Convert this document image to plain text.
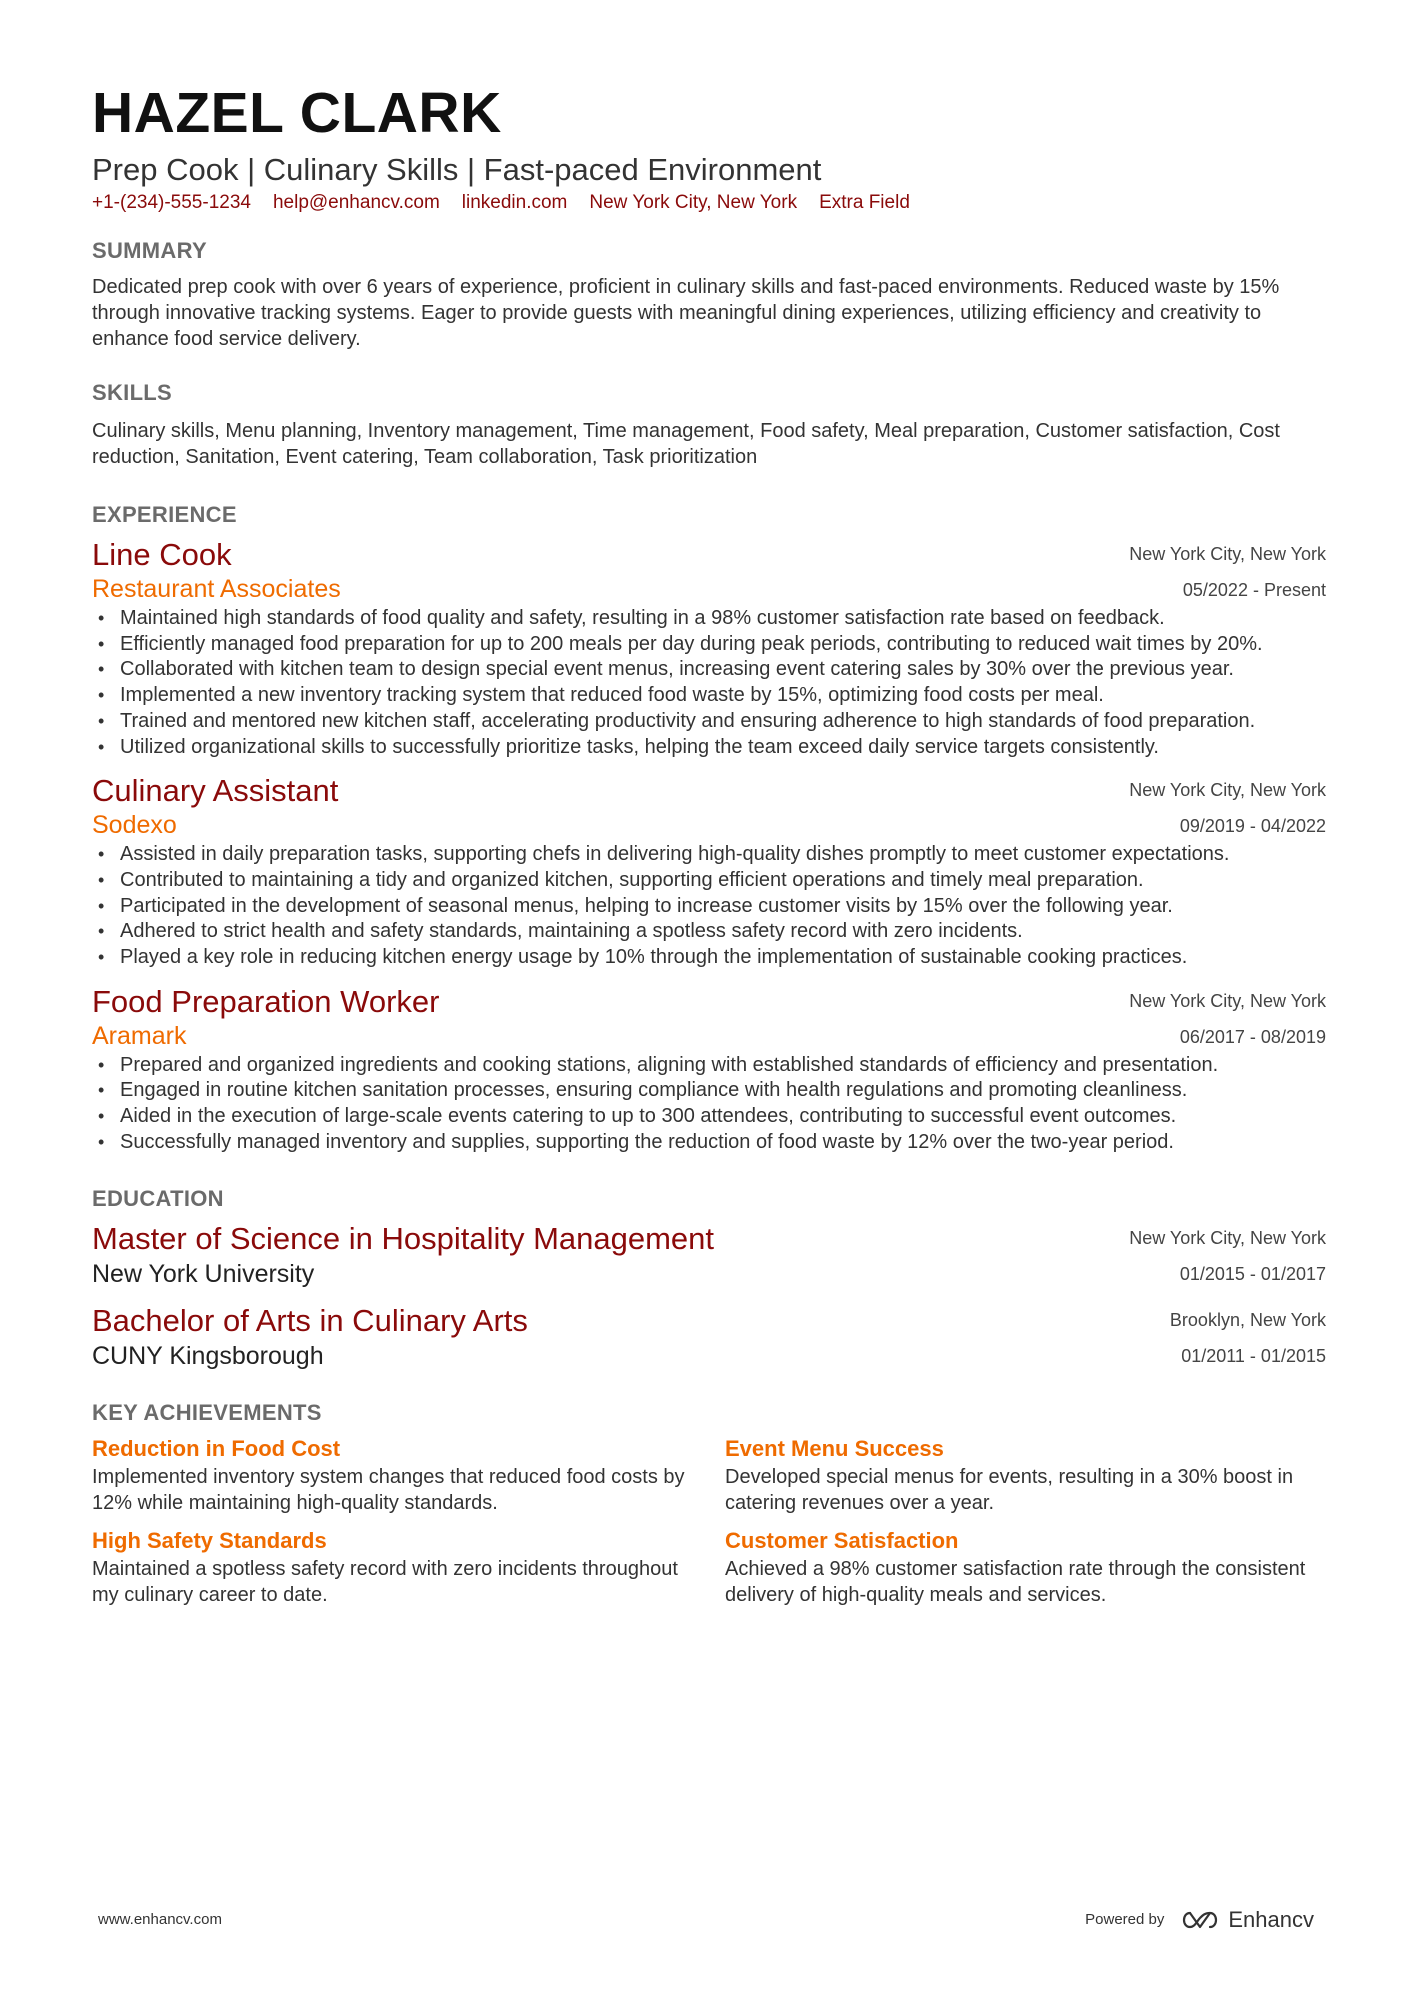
HAZEL CLARK
Prep Cook | Culinary Skills | Fast-paced Environment
+1-(234)-555-1234 help@enhancv.com linkedin.com New York City, New York Extra Field
SUMMARY
Dedicated prep cook with over 6 years of experience, proficient in culinary skills and fast-paced environments. Reduced waste by 15% through innovative tracking systems. Eager to provide guests with meaningful dining experiences, utilizing efficiency and creativity to enhance food service delivery.
SKILLS
Culinary skills, Menu planning, Inventory management, Time management, Food safety, Meal preparation, Customer satisfaction, Cost reduction, Sanitation, Event catering, Team collaboration, Task prioritization
EXPERIENCE
New York City, New York
05/2022 - Present
Line Cook
Restaurant Associates
• Maintained high standards of food quality and safety, resulting in a 98% customer satisfaction rate based on feedback.
• Efficiently managed food preparation for up to 200 meals per day during peak periods, contributing to reduced wait times by 20%.
• Collaborated with kitchen team to design special event menus, increasing event catering sales by 30% over the previous year.
• Implemented a new inventory tracking system that reduced food waste by 15%, optimizing food costs per meal.
• Trained and mentored new kitchen staff, accelerating productivity and ensuring adherence to high standards of food preparation.
• Utilized organizational skills to successfully prioritize tasks, helping the team exceed daily service targets consistently.
New York City, New York
09/2019 - 04/2022
Culinary Assistant
Sodexo
• Assisted in daily preparation tasks, supporting chefs in delivering high-quality dishes promptly to meet customer expectations.
• Contributed to maintaining a tidy and organized kitchen, supporting efficient operations and timely meal preparation.
• Participated in the development of seasonal menus, helping to increase customer visits by 15% over the following year.
• Adhered to strict health and safety standards, maintaining a spotless safety record with zero incidents.
• Played a key role in reducing kitchen energy usage by 10% through the implementation of sustainable cooking practices.
New York City, New York
06/2017 - 08/2019
Food Preparation Worker
Aramark
• Prepared and organized ingredients and cooking stations, aligning with established standards of efficiency and presentation.
• Engaged in routine kitchen sanitation processes, ensuring compliance with health regulations and promoting cleanliness.
• Aided in the execution of large-scale events catering to up to 300 attendees, contributing to successful event outcomes.
• Successfully managed inventory and supplies, supporting the reduction of food waste by 12% over the two-year period.
EDUCATION
New York City, New York
01/2015 - 01/2017
Master of Science in Hospitality Management
New York University
Brooklyn, New York
01/2011 - 01/2015
Bachelor of Arts in Culinary Arts
CUNY Kingsborough
KEY ACHIEVEMENTS
Reduction in Food Cost
Implemented inventory system changes that reduced food costs by 12% while maintaining high-quality standards.
Event Menu Success
Developed special menus for events, resulting in a 30% boost in catering revenues over a year.
High Safety Standards
Maintained a spotless safety record with zero incidents throughout my culinary career to date.
Customer Satisfaction
Achieved a 98% customer satisfaction rate through the consistent delivery of high-quality meals and services.
www.enhancv.com	Powered by	Enhancv
